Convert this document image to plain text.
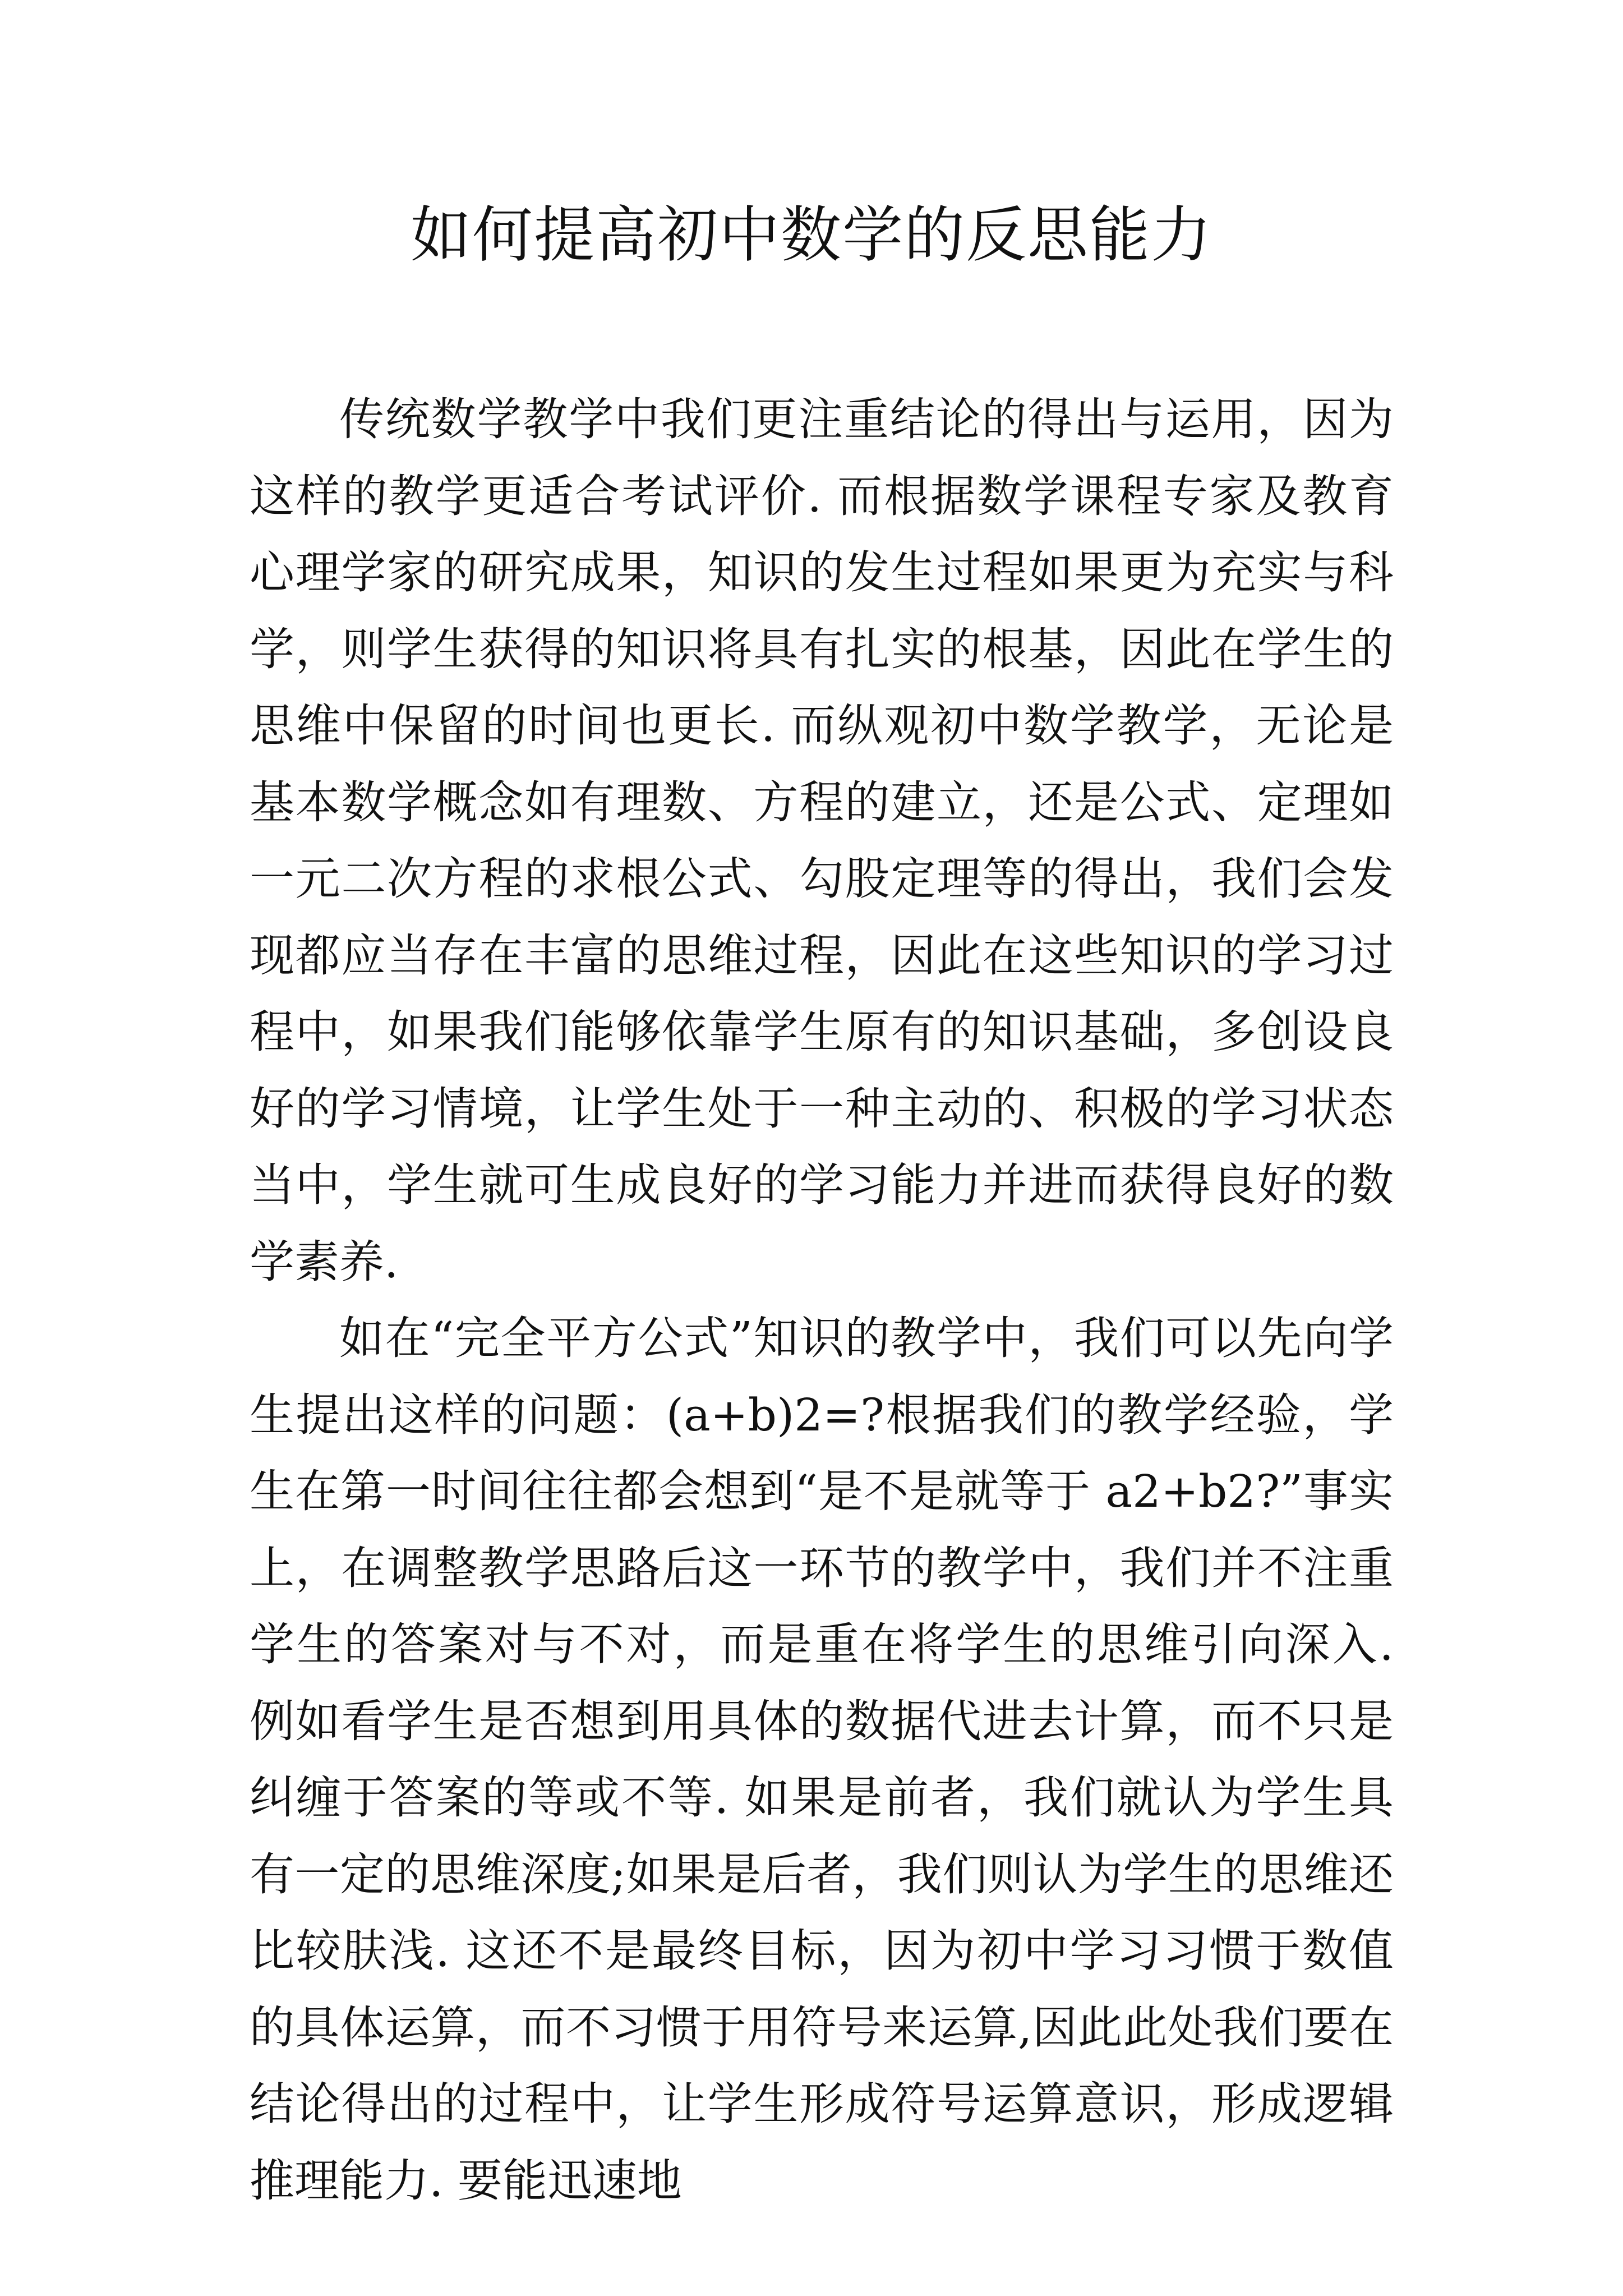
如何提高初中数学的反思能力

传统数学教学中我们更注重结论的得出与运用，因为这样的教学更适合考试评价. 而根据数学课程专家及教育心理学家的研究成果，知识的发生过程如果更为充实与科学，则学生获得的知识将具有扎实的根基，因此在学生的思维中保留的时间也更长. 而纵观初中数学教学，无论是基本数学概念如有理数、方程的建立，还是公式、定理如一元二次方程的求根公式、勾股定理等的得出，我们会发现都应当存在丰富的思维过程，因此在这些知识的学习过程中，如果我们能够依靠学生原有的知识基础，多创设良好的学习情境，让学生处于一种主动的、积极的学习状态当中，学生就可生成良好的学习能力并进而获得良好的数学素养.

如在“完全平方公式”知识的教学中，我们可以先向学生提出这样的问题：(a+b)2=?根据我们的教学经验，学生在第一时间往往都会想到“是不是就等于 a2+b2?”事实上，在调整教学思路后这一环节的教学中，我们并不注重学生的答案对与不对，而是重在将学生的思维引向深入. 例如看学生是否想到用具体的数据代进去计算，而不只是纠缠于答案的等或不等. 如果是前者，我们就认为学生具有一定的思维深度;如果是后者，我们则认为学生的思维还比较肤浅. 这还不是最终目标，因为初中学习习惯于数值的具体运算，而不习惯于用符号来运算,因此此处我们要在结论得出的过程中，让学生形成符号运算意识，形成逻辑推理能力. 要能迅速地
